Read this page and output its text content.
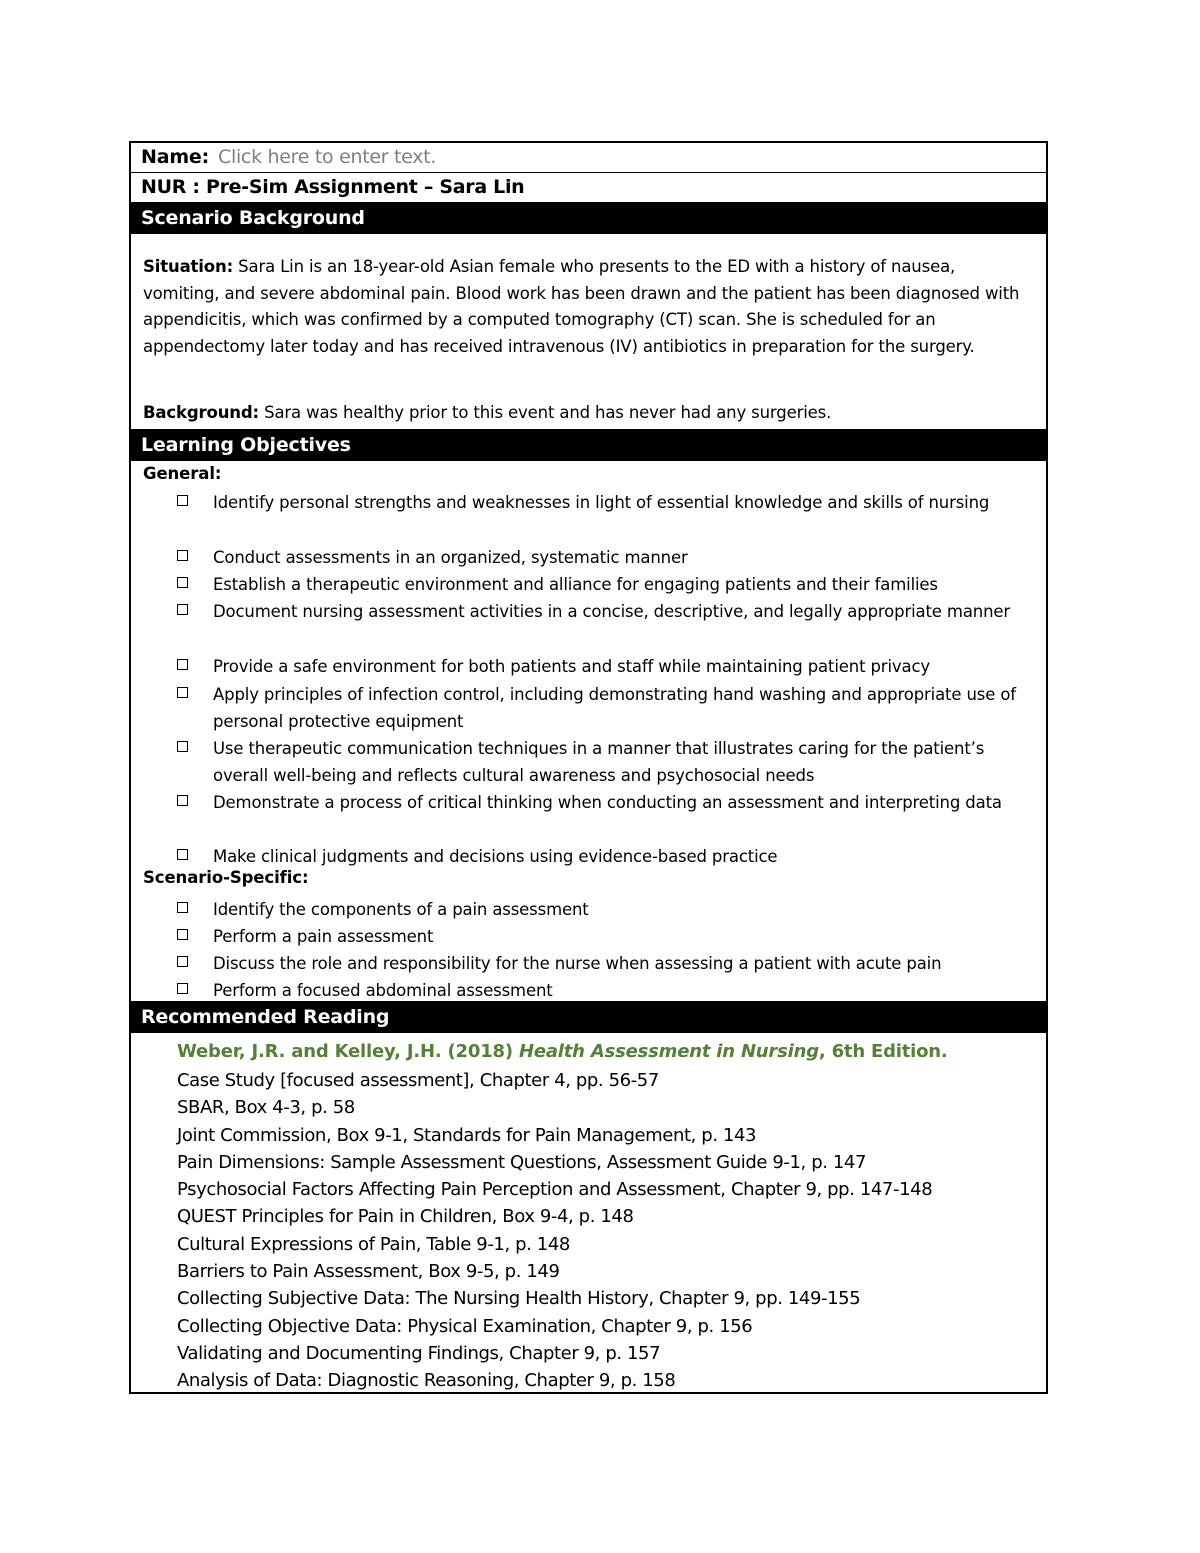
Name: Click here to enter text.
NUR : Pre-Sim Assignment – Sara Lin
Scenario Background
Situation: Sara Lin is an 18-year-old Asian female who presents to the ED with a history of nausea, vomiting, and severe abdominal pain. Blood work has been drawn and the patient has been diagnosed with appendicitis, which was confirmed by a computed tomography (CT) scan. She is scheduled for an appendectomy later today and has received intravenous (IV) antibiotics in preparation for the surgery.
Background: Sara was healthy prior to this event and has never had any surgeries.
Learning Objectives
General:
Scenario-Specific:
Identify personal strengths and weaknesses in light of essential knowledge and skills of nursing
Conduct assessments in an organized, systematic manner
Establish a therapeutic environment and alliance for engaging patients and their families
Document nursing assessment activities in a concise, descriptive, and legally appropriate manner
Provide a safe environment for both patients and staff while maintaining patient privacy
Apply principles of infection control, including demonstrating hand washing and appropriate use of personal protective equipment
Use therapeutic communication techniques in a manner that illustrates caring for the patient’s overall well-being and reflects cultural awareness and psychosocial needs
Demonstrate a process of critical thinking when conducting an assessment and interpreting data
Make clinical judgments and decisions using evidence-based practice
Identify the components of a pain assessment
Perform a pain assessment
Discuss the role and responsibility for the nurse when assessing a patient with acute pain
Perform a focused abdominal assessment
Recommended Reading
Weber, J.R. and Kelley, J.H. (2018) Health Assessment in Nursing, 6th Edition.
Case Study [focused assessment], Chapter 4, pp. 56-57
SBAR, Box 4-3, p. 58
Joint Commission, Box 9-1, Standards for Pain Management, p. 143
Pain Dimensions: Sample Assessment Questions, Assessment Guide 9-1, p. 147
Psychosocial Factors Affecting Pain Perception and Assessment, Chapter 9, pp. 147-148
QUEST Principles for Pain in Children, Box 9-4, p. 148
Cultural Expressions of Pain, Table 9-1, p. 148
Barriers to Pain Assessment, Box 9-5, p. 149
Collecting Subjective Data: The Nursing Health History, Chapter 9, pp. 149-155
Collecting Objective Data: Physical Examination, Chapter 9, p. 156
Validating and Documenting Findings, Chapter 9, p. 157
Analysis of Data: Diagnostic Reasoning, Chapter 9, p. 158
